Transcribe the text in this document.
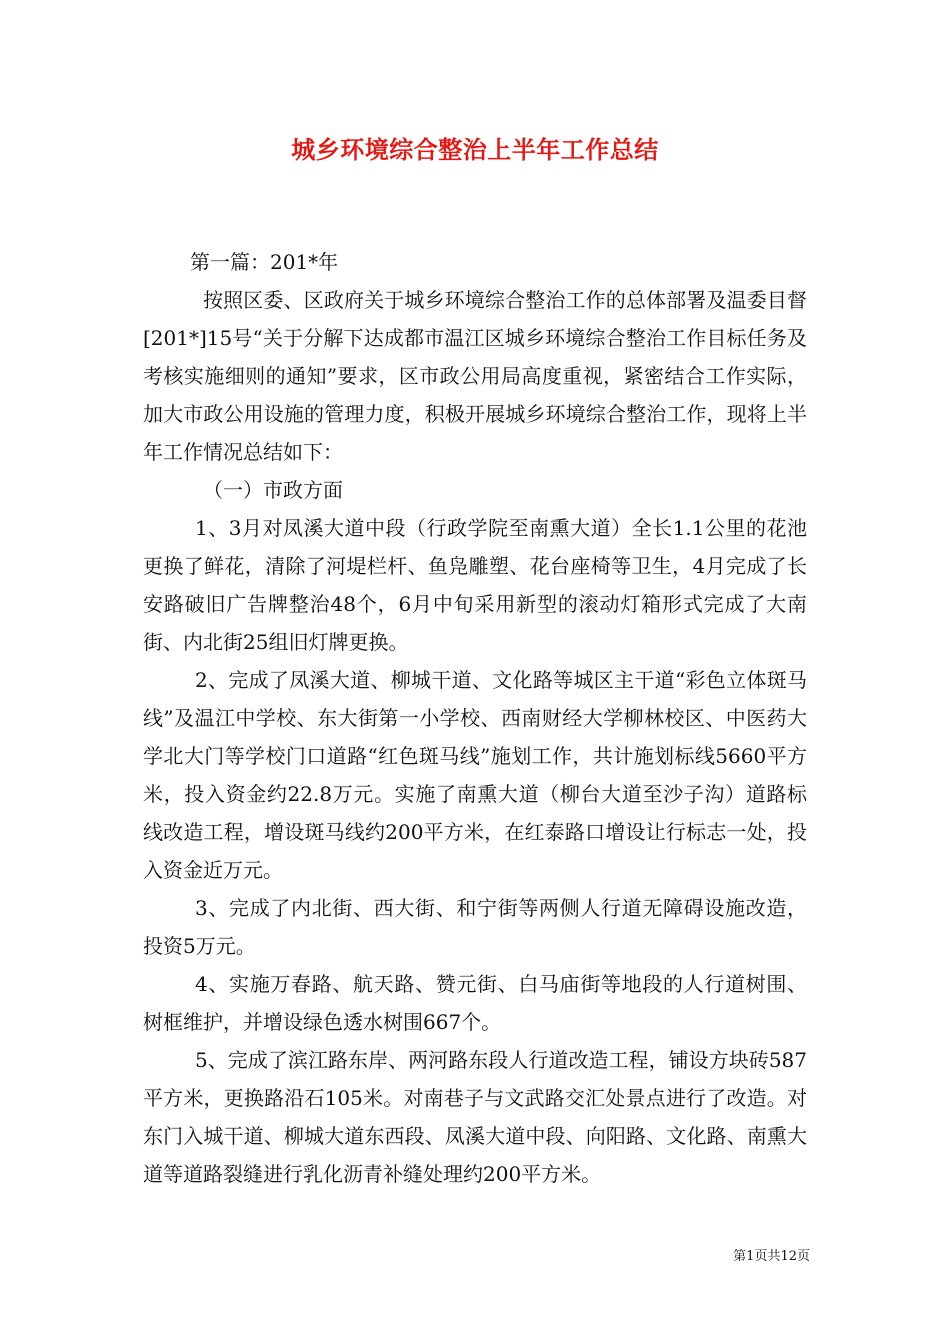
城乡环境综合整治上半年工作总结

第一篇：201*年

按照区委、区政府关于城乡环境综合整治工作的总体部署及温委目督[201*]15号“关于分解下达成都市温江区城乡环境综合整治工作目标任务及考核实施细则的通知”要求，区市政公用局高度重视，紧密结合工作实际，加大市政公用设施的管理力度，积极开展城乡环境综合整治工作，现将上半年工作情况总结如下：

（一）市政方面

1、3月对凤溪大道中段（行政学院至南熏大道）全长1.1公里的花池更换了鲜花，清除了河堤栏杆、鱼凫雕塑、花台座椅等卫生，4月完成了长安路破旧广告牌整治48个，6月中旬采用新型的滚动灯箱形式完成了大南街、内北街25组旧灯牌更换。

2、完成了凤溪大道、柳城干道、文化路等城区主干道“彩色立体斑马线”及温江中学校、东大街第一小学校、西南财经大学柳林校区、中医药大学北大门等学校门口道路“红色斑马线”施划工作，共计施划标线5660平方米，投入资金约22.8万元。实施了南熏大道（柳台大道至沙子沟）道路标线改造工程，增设斑马线约200平方米，在红泰路口增设让行标志一处，投入资金近万元。

3、完成了内北街、西大街、和宁街等两侧人行道无障碍设施改造，投资5万元。

4、实施万春路、航天路、赞元街、白马庙街等地段的人行道树围、树框维护，并增设绿色透水树围667个。

5、完成了滨江路东岸、两河路东段人行道改造工程，铺设方块砖587平方米，更换路沿石105米。对南巷子与文武路交汇处景点进行了改造。对东门入城干道、柳城大道东西段、凤溪大道中段、向阳路、文化路、南熏大道等道路裂缝进行乳化沥青补缝处理约200平方米。

第1页共12页
